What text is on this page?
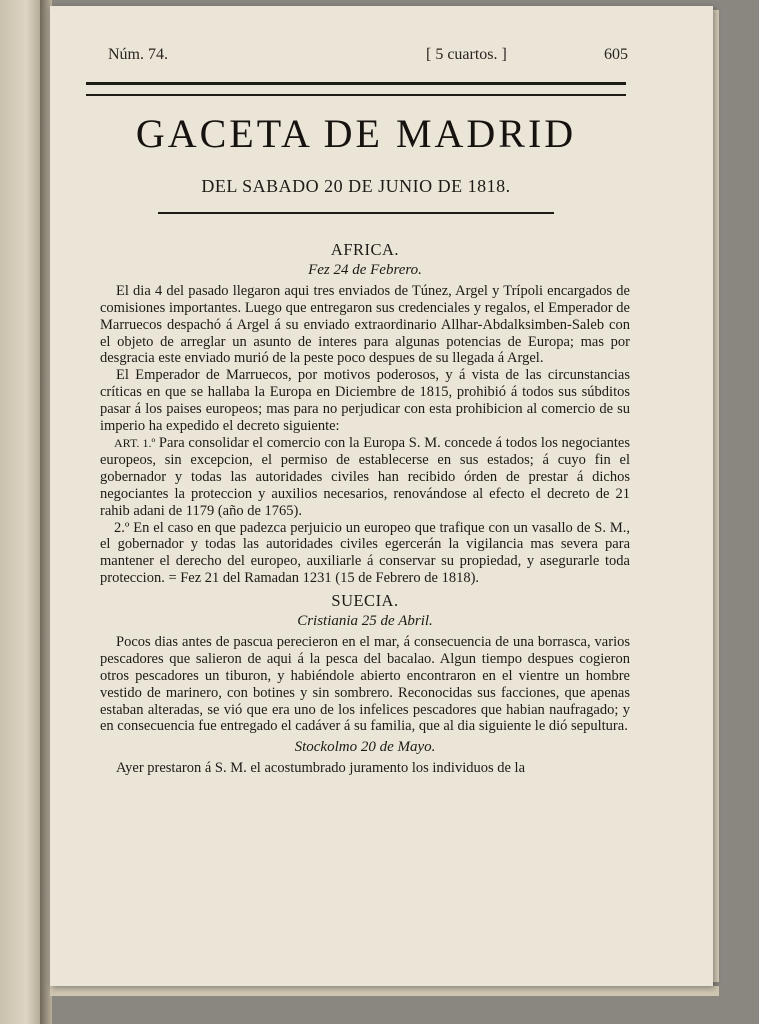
Núm. 74.	[ 5 cuartos. ]	605
GACETA DE MADRID
DEL SABADO 20 DE JUNIO DE 1818.
AFRICA.
Fez 24 de Febrero.

El dia 4 del pasado llegaron aqui tres enviados de Túnez, Argel y Trípoli encargados de comisiones importantes. Luego que entregaron sus credenciales y regalos, el Emperador de Marruecos despachó á Argel á su enviado extraordinario Allhar-Abdalksimben-Saleb con el objeto de arreglar un asunto de interes para algunas potencias de Europa; mas por desgracia este enviado murió de la peste poco despues de su llegada á Argel.

El Emperador de Marruecos, por motivos poderosos, y á vista de las circunstancias críticas en que se hallaba la Europa en Diciembre de 1815, prohibió á todos sus súbditos pasar á los paises europeos; mas para no perjudicar con esta prohibicion al comercio de su imperio ha expedido el decreto siguiente:

ART. 1.º Para consolidar el comercio con la Europa S. M. concede á todos los negociantes europeos, sin excepcion, el permiso de establecerse en sus estados; á cuyo fin el gobernador y todas las autoridades civiles han recibido órden de prestar á dichos negociantes la proteccion y auxilios necesarios, renovándose al efecto el decreto de 21 rahib adani de 1179 (año de 1765).

2.º En el caso en que padezca perjuicio un europeo que trafique con un vasallo de S. M., el gobernador y todas las autoridades civiles egercerán la vigilancia mas severa para mantener el derecho del europeo, auxiliarle á conservar su propiedad, y asegurarle toda proteccion. = Fez 21 del Ramadan 1231 (15 de Febrero de 1818).

SUECIA.
Cristiania 25 de Abril.

Pocos dias antes de pascua perecieron en el mar, á consecuencia de una borrasca, varios pescadores que salieron de aqui á la pesca del bacalao. Algun tiempo despues cogieron otros pescadores un tiburon, y habiéndole abierto encontraron en el vientre un hombre vestido de marinero, con botines y sin sombrero. Reconocidas sus facciones, que apenas estaban alteradas, se vió que era uno de los infelices pescadores que habian naufragado; y en consecuencia fue entregado el cadáver á su familia, que al dia siguiente le dió sepultura.

Stockolmo 20 de Mayo.

Ayer prestaron á S. M. el acostumbrado juramento los individuos de la
